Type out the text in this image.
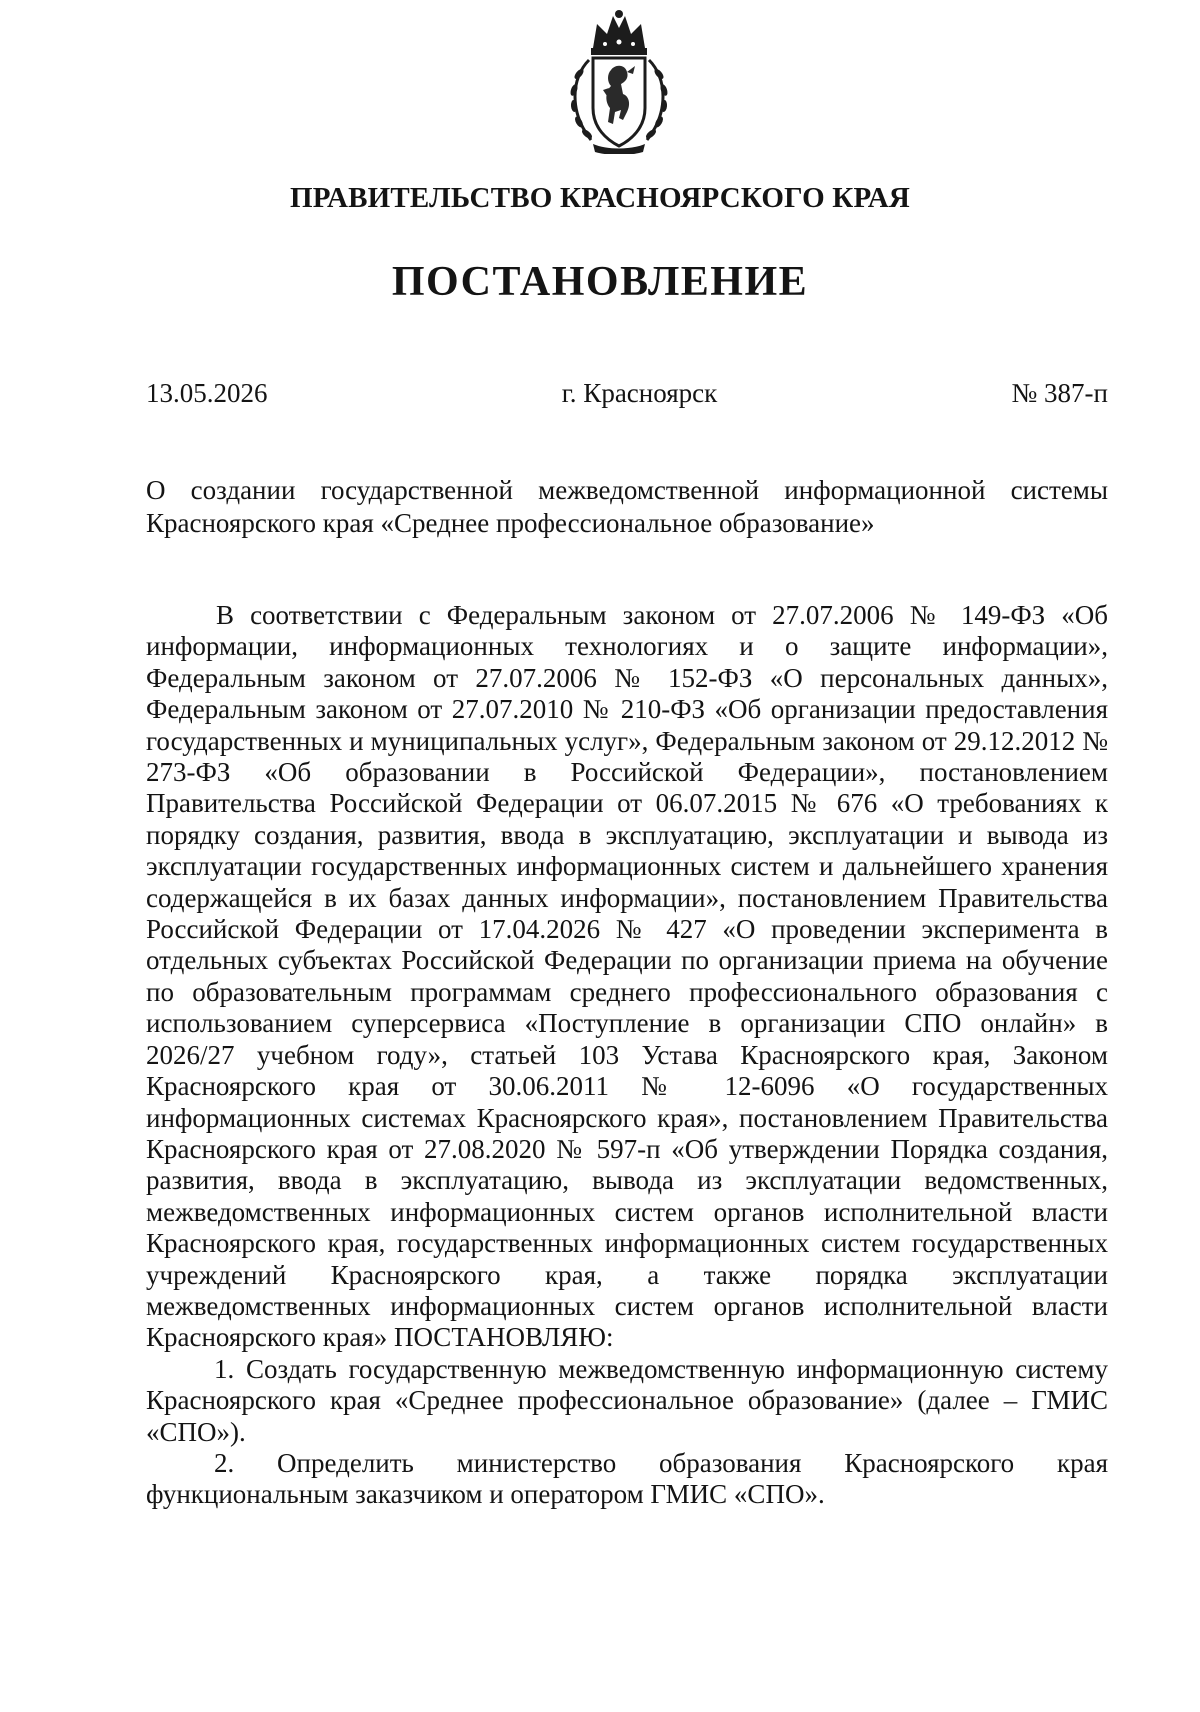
ПРАВИТЕЛЬСТВО КРАСНОЯРСКОГО КРАЯ
ПОСТАНОВЛЕНИЕ
13.05.2026	г. Красноярск	№ 387-п
О создании государственной межведомственной информационной системы Красноярского края «Среднее профессиональное образование»

В соответствии с Федеральным законом от 27.07.2006 № 149-ФЗ «Об информации, информационных технологиях и о защите информации», Федеральным законом от 27.07.2006 № 152-ФЗ «О персональных данных», Федеральным законом от 27.07.2010 № 210-ФЗ «Об организации предоставления государственных и муниципальных услуг», Федеральным законом от 29.12.2012 № 273-ФЗ «Об образовании в Российской Федерации», постановлением Правительства Российской Федерации от 06.07.2015 № 676 «О требованиях к порядку создания, развития, ввода в эксплуатацию, эксплуатации и вывода из эксплуатации государственных информационных систем и дальнейшего хранения содержащейся в их базах данных информации», постановлением Правительства Российской Федерации от 17.04.2026 № 427 «О проведении эксперимента в отдельных субъектах Российской Федерации по организации приема на обучение по образовательным программам среднего профессионального образования с использованием суперсервиса «Поступление в организации СПО онлайн» в 2026/27 учебном году», статьей 103 Устава Красноярского края, Законом Красноярского края от 30.06.2011 № 12-6096 «О государственных информационных системах Красноярского края», постановлением Правительства Красноярского края от 27.08.2020 № 597-п «Об утверждении Порядка создания, развития, ввода в эксплуатацию, вывода из эксплуатации ведомственных, межведомственных информационных систем органов исполнительной власти Красноярского края, государственных информационных систем государственных учреждений Красноярского края, а также порядка эксплуатации межведомственных информационных систем органов исполнительной власти Красноярского края» ПОСТАНОВЛЯЮ:

1. Создать государственную межведомственную информационную систему Красноярского края «Среднее профессиональное образование» (далее – ГМИС «СПО»).

2. Определить министерство образования Красноярского края функциональным заказчиком и оператором ГМИС «СПО».
